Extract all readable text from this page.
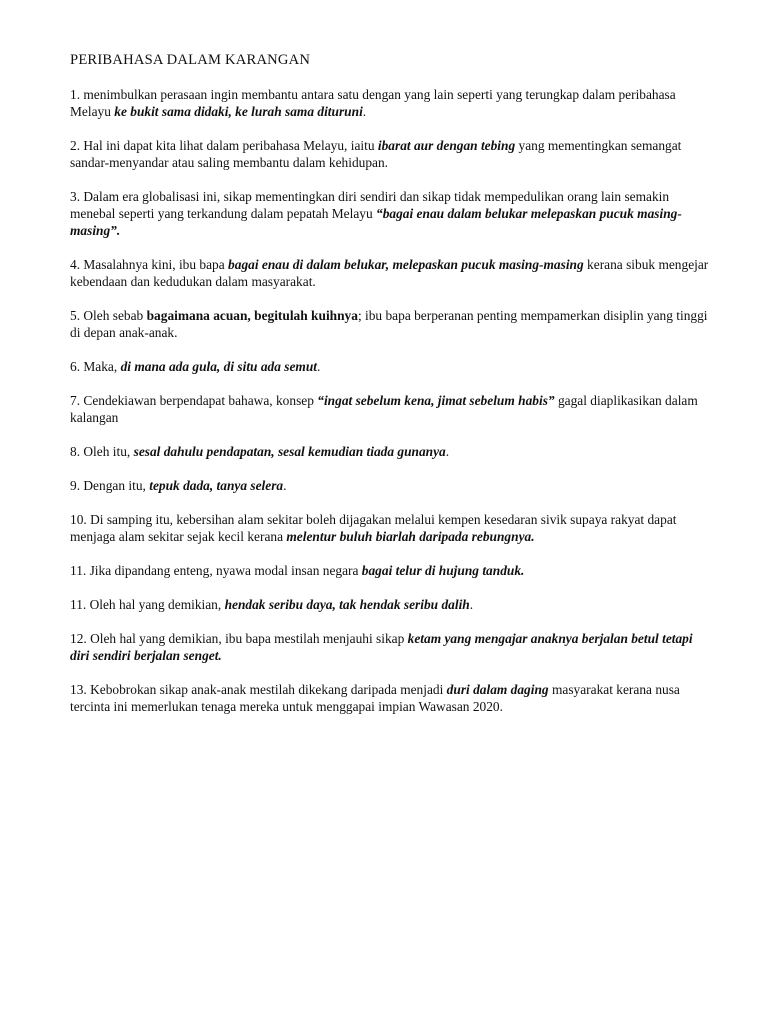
PERIBAHASA DALAM KARANGAN

1. menimbulkan perasaan ingin membantu antara satu dengan yang lain seperti yang terungkap dalam peribahasa Melayu ke bukit sama didaki, ke lurah sama dituruni.

2. Hal ini dapat kita lihat dalam peribahasa Melayu, iaitu ibarat aur dengan tebing yang mementingkan semangat sandar-menyandar atau saling membantu dalam kehidupan.

3. Dalam era globalisasi ini, sikap mementingkan diri sendiri dan sikap tidak mempedulikan orang lain semakin menebal seperti yang terkandung dalam pepatah Melayu “bagai enau dalam belukar melepaskan pucuk masing-masing”.

4. Masalahnya kini, ibu bapa bagai enau di dalam belukar, melepaskan pucuk masing-masing kerana sibuk mengejar kebendaan dan kedudukan dalam masyarakat.

5. Oleh sebab bagaimana acuan, begitulah kuihnya; ibu bapa berperanan penting mempamerkan disiplin yang tinggi di depan anak-anak.

6. Maka, di mana ada gula, di situ ada semut.

7. Cendekiawan berpendapat bahawa, konsep “ingat sebelum kena, jimat sebelum habis” gagal diaplikasikan dalam kalangan

8. Oleh itu, sesal dahulu pendapatan, sesal kemudian tiada gunanya.

9. Dengan itu, tepuk dada, tanya selera.

10. Di samping itu, kebersihan alam sekitar boleh dijagakan melalui kempen kesedaran sivik supaya rakyat dapat menjaga alam sekitar sejak kecil kerana melentur buluh biarlah daripada rebungnya.

11. Jika dipandang enteng, nyawa modal insan negara bagai telur di hujung tanduk.

11. Oleh hal yang demikian, hendak seribu daya, tak hendak seribu dalih.

12. Oleh hal yang demikian, ibu bapa mestilah menjauhi sikap ketam yang mengajar anaknya berjalan betul tetapi diri sendiri berjalan senget.

13. Kebobrokan sikap anak-anak mestilah dikekang daripada menjadi duri dalam daging masyarakat kerana nusa tercinta ini memerlukan tenaga mereka untuk menggapai impian Wawasan 2020.
